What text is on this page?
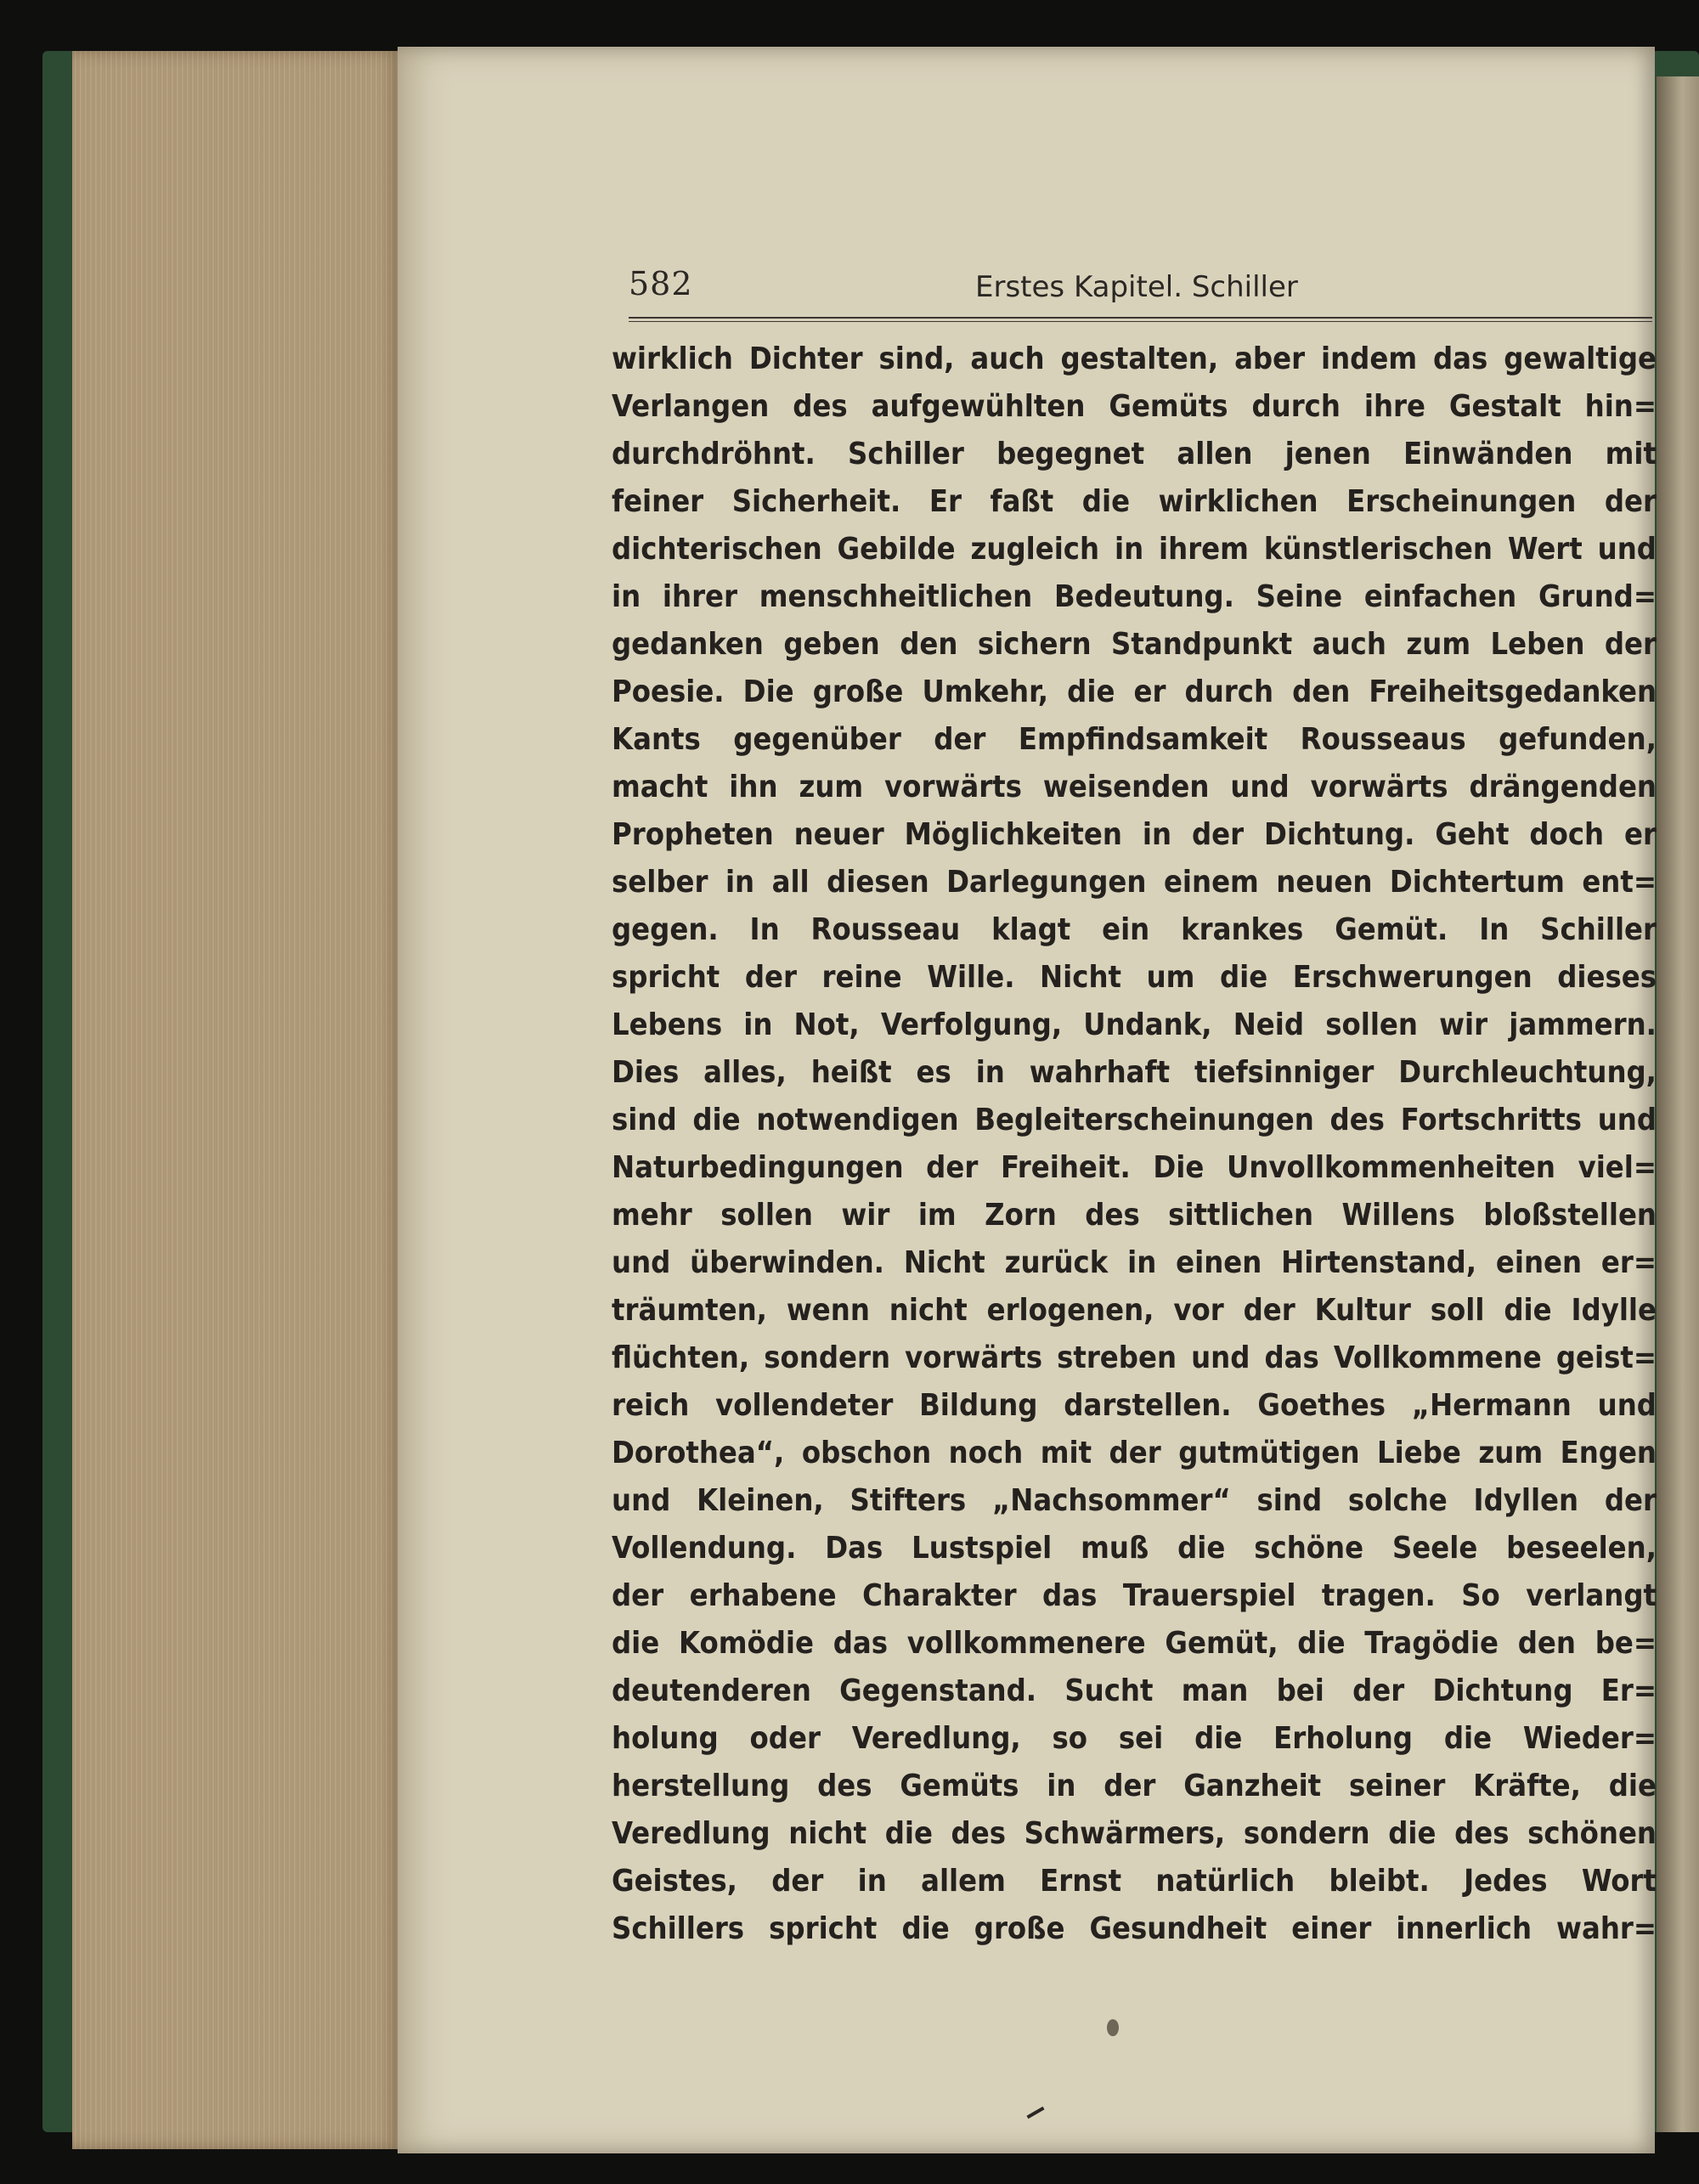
582	Erstes Kapitel. Schiller
wirklich Dichter sind, auch gestalten, aber indem das gewaltige
Verlangen des aufgewühlten Gemüts durch ihre Gestalt hin=
durchdröhnt. Schiller begegnet allen jenen Einwänden mit
feiner Sicherheit. Er faßt die wirklichen Erscheinungen der
dichterischen Gebilde zugleich in ihrem künstlerischen Wert und
in ihrer menschheitlichen Bedeutung. Seine einfachen Grund=
gedanken geben den sichern Standpunkt auch zum Leben der
Poesie. Die große Umkehr, die er durch den Freiheitsgedanken
Kants gegenüber der Empfindsamkeit Rousseaus gefunden,
macht ihn zum vorwärts weisenden und vorwärts drängenden
Propheten neuer Möglichkeiten in der Dichtung. Geht doch er
selber in all diesen Darlegungen einem neuen Dichtertum ent=
gegen. In Rousseau klagt ein krankes Gemüt. In Schiller
spricht der reine Wille. Nicht um die Erschwerungen dieses
Lebens in Not, Verfolgung, Undank, Neid sollen wir jammern.
Dies alles, heißt es in wahrhaft tiefsinniger Durchleuchtung,
sind die notwendigen Begleiterscheinungen des Fortschritts und
Naturbedingungen der Freiheit. Die Unvollkommenheiten viel=
mehr sollen wir im Zorn des sittlichen Willens bloßstellen
und überwinden. Nicht zurück in einen Hirtenstand, einen er=
träumten, wenn nicht erlogenen, vor der Kultur soll die Idylle
flüchten, sondern vorwärts streben und das Vollkommene geist=
reich vollendeter Bildung darstellen. Goethes „Hermann und
Dorothea“, obschon noch mit der gutmütigen Liebe zum Engen
und Kleinen, Stifters „Nachsommer“ sind solche Idyllen der
Vollendung. Das Lustspiel muß die schöne Seele beseelen,
der erhabene Charakter das Trauerspiel tragen. So verlangt
die Komödie das vollkommenere Gemüt, die Tragödie den be=
deutenderen Gegenstand. Sucht man bei der Dichtung Er=
holung oder Veredlung, so sei die Erholung die Wieder=
herstellung des Gemüts in der Ganzheit seiner Kräfte, die
Veredlung nicht die des Schwärmers, sondern die des schönen
Geistes, der in allem Ernst natürlich bleibt. Jedes Wort
Schillers spricht die große Gesundheit einer innerlich wahr=
